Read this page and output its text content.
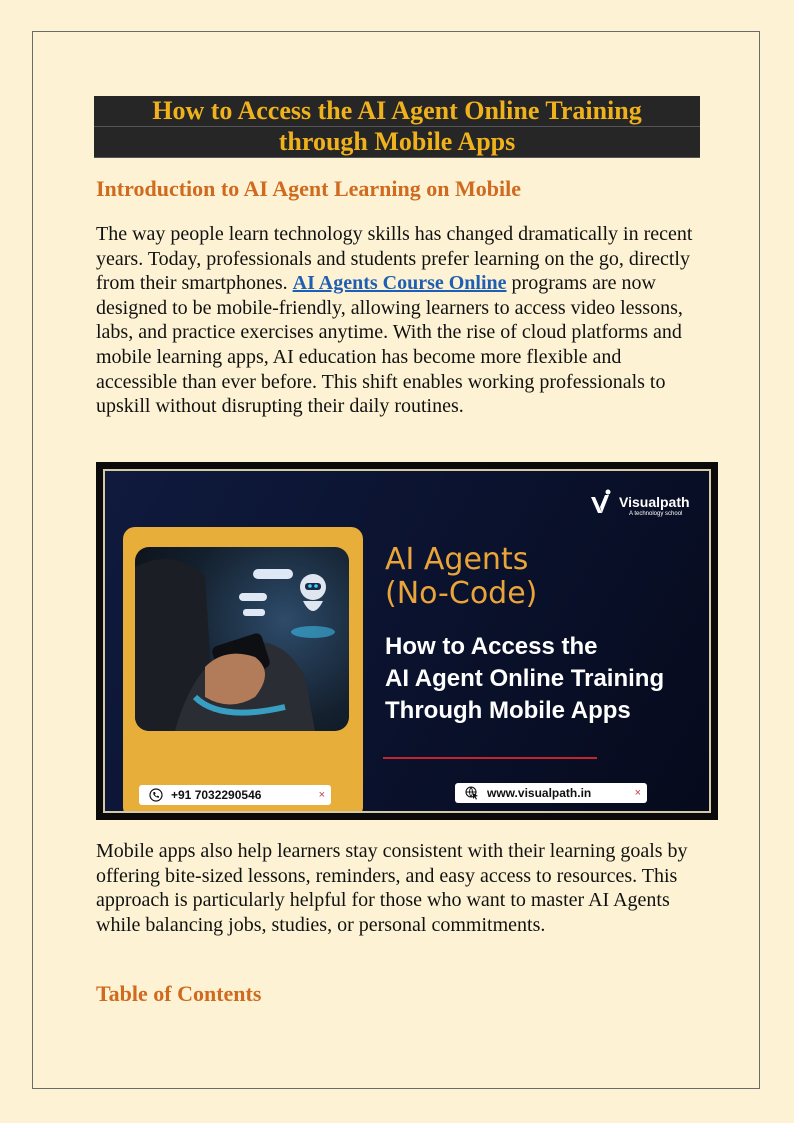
How to Access the AI Agent Online Training
through Mobile Apps
Introduction to AI Agent Learning on Mobile

The way people learn technology skills has changed dramatically in recent years. Today, professionals and students prefer learning on the go, directly from their smartphones. AI Agents Course Online programs are now designed to be mobile-friendly, allowing learners to access video lessons, labs, and practice exercises anytime. With the rise of cloud platforms and mobile learning apps, AI education has become more flexible and accessible than ever before. This shift enables working professionals to upskill without disrupting their daily routines.

Visualpath
A technology school
+91 7032290546	×
AI Agents
(No-Code)
How to Access the
AI Agent Online Training
Through Mobile Apps
www.visualpath.in	×

Mobile apps also help learners stay consistent with their learning goals by offering bite-sized lessons, reminders, and easy access to resources. This approach is particularly helpful for those who want to master AI Agents while balancing jobs, studies, or personal commitments.

Table of Contents
